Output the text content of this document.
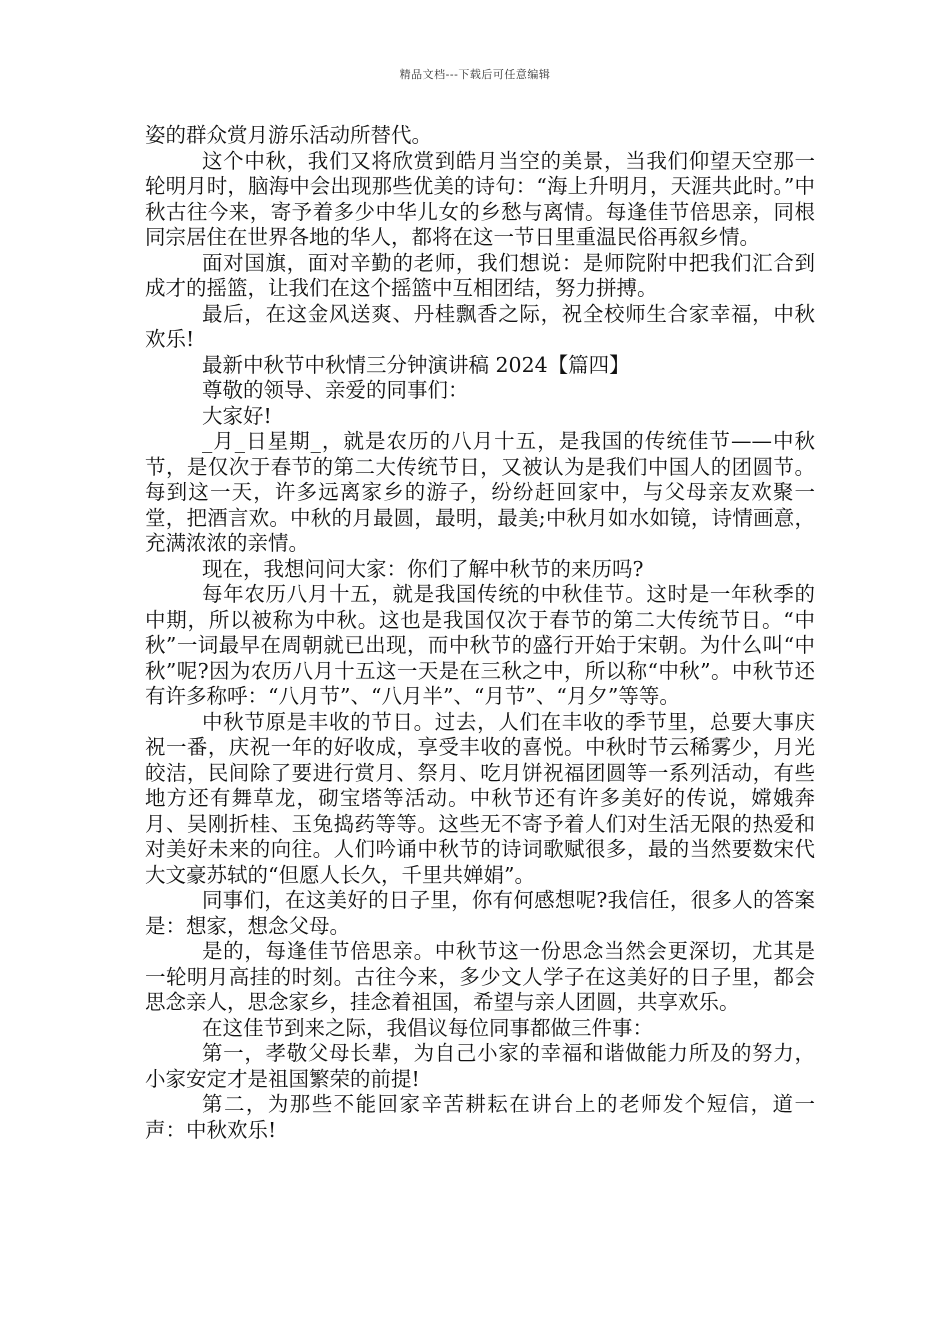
精品文档---下载后可任意编辑

姿的群众赏月游乐活动所替代。

这个中秋，我们又将欣赏到皓月当空的美景，当我们仰望天空那一轮明月时，脑海中会出现那些优美的诗句：“海上升明月，天涯共此时。”中秋古往今来，寄予着多少中华儿女的乡愁与离情。每逢佳节倍思亲，同根同宗居住在世界各地的华人，都将在这一节日里重温民俗再叙乡情。

面对国旗，面对辛勤的老师，我们想说：是师院附中把我们汇合到成才的摇篮，让我们在这个摇篮中互相团结，努力拼搏。

最后，在这金风送爽、丹桂飘香之际，祝全校师生合家幸福，中秋欢乐!

最新中秋节中秋情三分钟演讲稿 2024【篇四】

尊敬的领导、亲爱的同事们：

大家好!

_月_日星期_，就是农历的八月十五，是我国的传统佳节——中秋节，是仅次于春节的第二大传统节日，又被认为是我们中国人的团圆节。每到这一天，许多远离家乡的游子，纷纷赶回家中，与父母亲友欢聚一堂，把酒言欢。中秋的月最圆，最明，最美;中秋月如水如镜，诗情画意，充满浓浓的亲情。

现在，我想问问大家：你们了解中秋节的来历吗?

每年农历八月十五，就是我国传统的中秋佳节。这时是一年秋季的中期，所以被称为中秋。这也是我国仅次于春节的第二大传统节日。“中秋”一词最早在周朝就已出现，而中秋节的盛行开始于宋朝。为什么叫“中秋”呢?因为农历八月十五这一天是在三秋之中，所以称“中秋”。中秋节还有许多称呼：“八月节”、“八月半”、“月节”、“月夕”等等。

中秋节原是丰收的节日。过去，人们在丰收的季节里，总要大事庆祝一番，庆祝一年的好收成，享受丰收的喜悦。中秋时节云稀雾少，月光皎洁，民间除了要进行赏月、祭月、吃月饼祝福团圆等一系列活动，有些地方还有舞草龙，砌宝塔等活动。中秋节还有许多美好的传说，嫦娥奔月、吴刚折桂、玉兔捣药等等。这些无不寄予着人们对生活无限的热爱和对美好未来的向往。人们吟诵中秋节的诗词歌赋很多，最的当然要数宋代大文豪苏轼的“但愿人长久，千里共婵娟”。

同事们，在这美好的日子里，你有何感想呢?我信任，很多人的答案是：想家，想念父母。

是的，每逢佳节倍思亲。中秋节这一份思念当然会更深切，尤其是一轮明月高挂的时刻。古往今来，多少文人学子在这美好的日子里，都会思念亲人，思念家乡，挂念着祖国，希望与亲人团圆，共享欢乐。

在这佳节到来之际，我倡议每位同事都做三件事：

第一，孝敬父母长辈，为自己小家的幸福和谐做能力所及的努力，小家安定才是祖国繁荣的前提!

第二，为那些不能回家辛苦耕耘在讲台上的老师发个短信，道一声：中秋欢乐!
